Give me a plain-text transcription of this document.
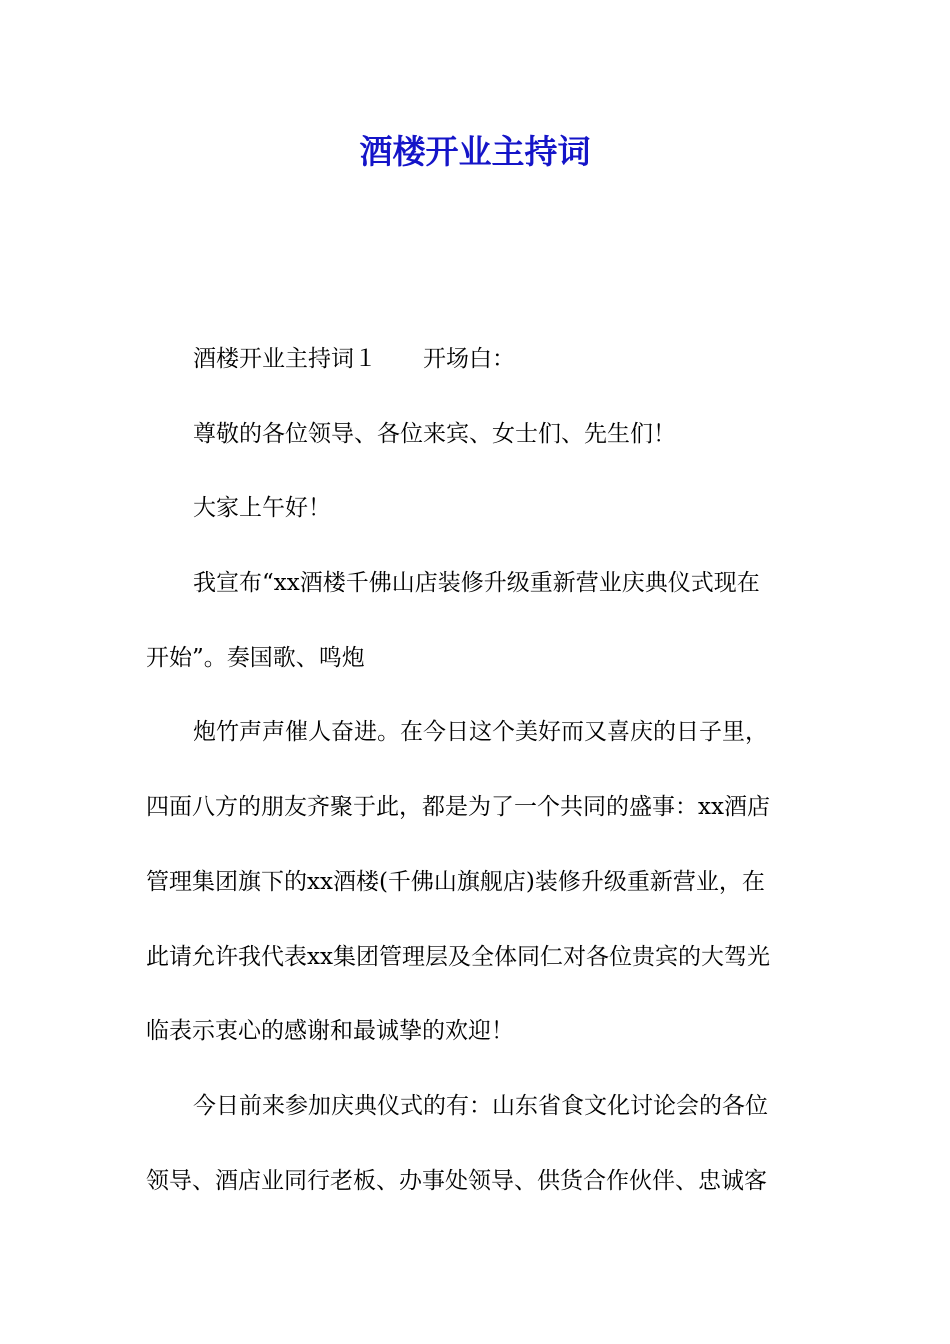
酒楼开业主持词
酒楼开业主持词１ 开场白：
尊敬的各位领导、各位来宾、女士们、先生们！
大家上午好！
我宣布“xx酒楼千佛山店装修升级重新营业庆典仪式现在
开始”。奏国歌、鸣炮
炮竹声声催人奋进。在今日这个美好而又喜庆的日子里，
四面八方的朋友齐聚于此，都是为了一个共同的盛事：xx酒店
管理集团旗下的xx酒楼(千佛山旗舰店)装修升级重新营业，在
此请允许我代表xx集团管理层及全体同仁对各位贵宾的大驾光
临表示衷心的感谢和最诚挚的欢迎！
今日前来参加庆典仪式的有：山东省食文化讨论会的各位
领导、酒店业同行老板、办事处领导、供货合作伙伴、忠诚客
